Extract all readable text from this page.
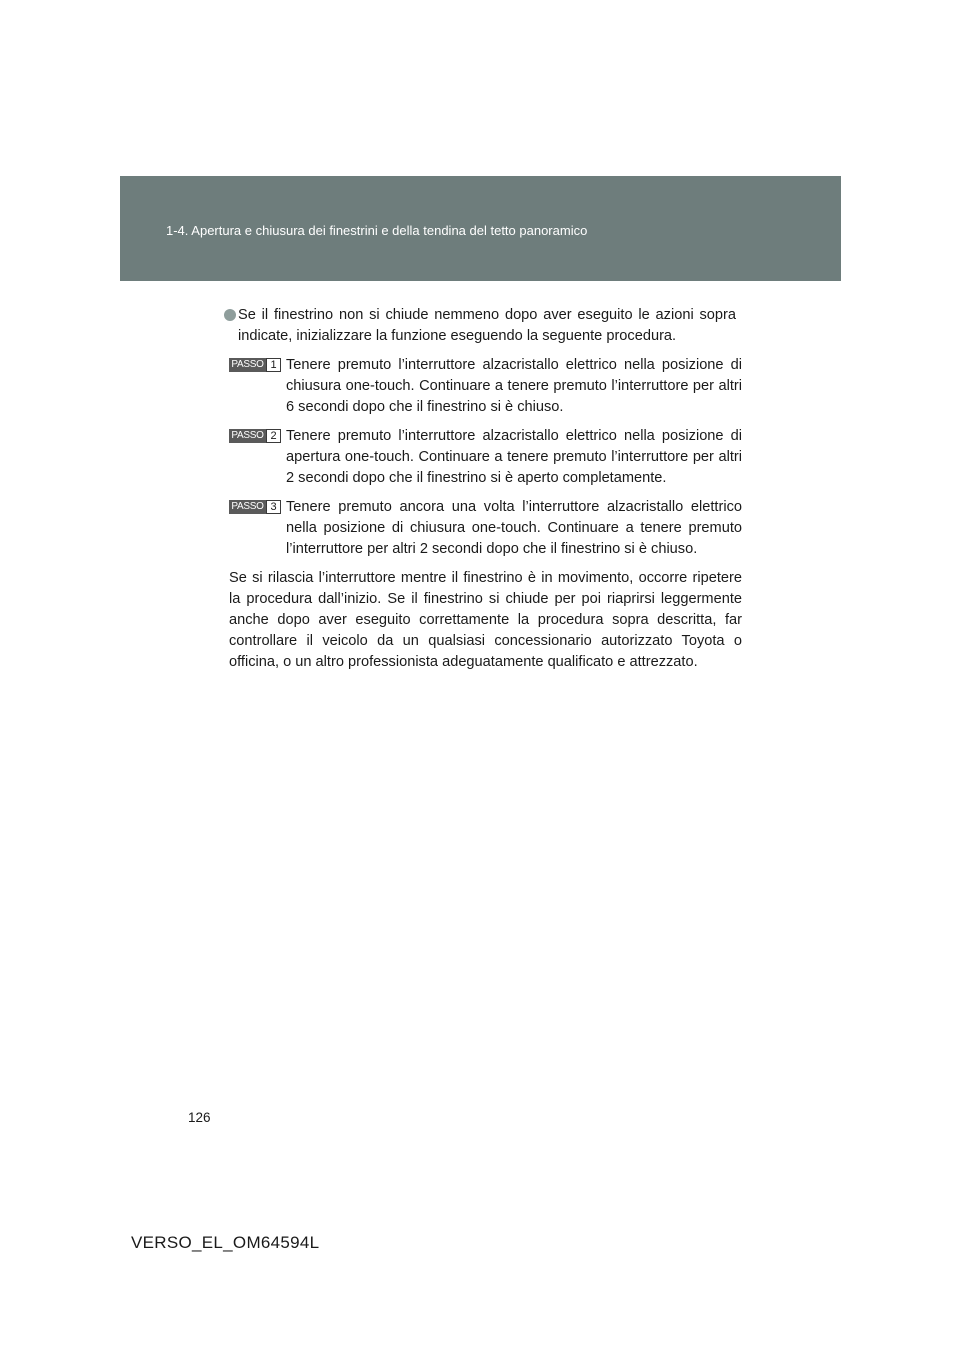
1-4. Apertura e chiusura dei finestrini e della tendina del tetto panoramico
Se il finestrino non si chiude nemmeno dopo aver eseguito le azioni sopra indicate, inizializzare la funzione eseguendo la seguente procedura.
PASSO 1 Tenere premuto l’interruttore alzacristallo elettrico nella posizione di chiusura one-touch. Continuare a tenere premuto l’interruttore per altri 6 secondi dopo che il finestrino si è chiuso.
PASSO 2 Tenere premuto l’interruttore alzacristallo elettrico nella posizione di apertura one-touch. Continuare a tenere premuto l’interruttore per altri 2 secondi dopo che il finestrino si è aperto completamente.
PASSO 3 Tenere premuto ancora una volta l’interruttore alzacristallo elettrico nella posizione di chiusura one-touch. Continuare a tenere premuto l’interruttore per altri 2 secondi dopo che il finestrino si è chiuso.
Se si rilascia l’interruttore mentre il finestrino è in movimento, occorre ripetere la procedura dall’inizio. Se il finestrino si chiude per poi riaprirsi leggermente anche dopo aver eseguito correttamente la procedura sopra descritta, far controllare il veicolo da un qualsiasi concessionario autorizzato Toyota o officina, o un altro professionista adeguatamente qualificato e attrezzato.
126
VERSO_EL_OM64594L
